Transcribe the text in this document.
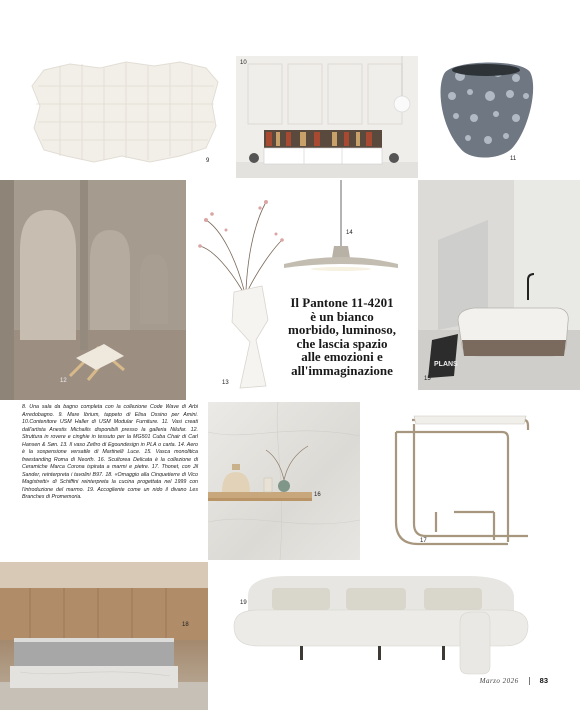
9
10
11
12	13
14

Il Pantone 11-4201 è un bianco morbido, luminoso, che lascia spazio alle emozioni e all'immaginazione	PLANS
15

8. Una sala da bagno completa con la collezione Code Wave di Arbi Arredobagno. 9. Mare Ibrium, tappeto di Elisa Ossino per Amini. 10.Contenitore USM Haller di USM Modular Furniture. 11. Vasi creati dall'artista Anestis Michailis disponibili presso la galleria Nilufar. 12. Struttura in rovere e cinghie in tessuto per la MG501 Cuba Chair di Carl Hansen & Søn. 13. Il vaso Zefiro di Egoundesign in PLA o carta. 14. Aero è la sospensione versatile di Martinelli Luce. 15. Vasca monolitica freestanding Roma di Neorth. 16. Scultorea Delicata è la collezione di Ceramiche Marca Corona ispirata a marmi e pietre. 17. Thonet, con Jil Sander, reinterpreta i tavolini B97. 18. «Omaggio alla Cinquetierre di Vico Magistretti» di Schiffini reinterpreta la cucina progettata nel 1999 con l'introduzione del marmo. 19. Accogliente come un nido il divano Les Branches di Promemoria.	16
17
18
19
Marzo 2026	83
